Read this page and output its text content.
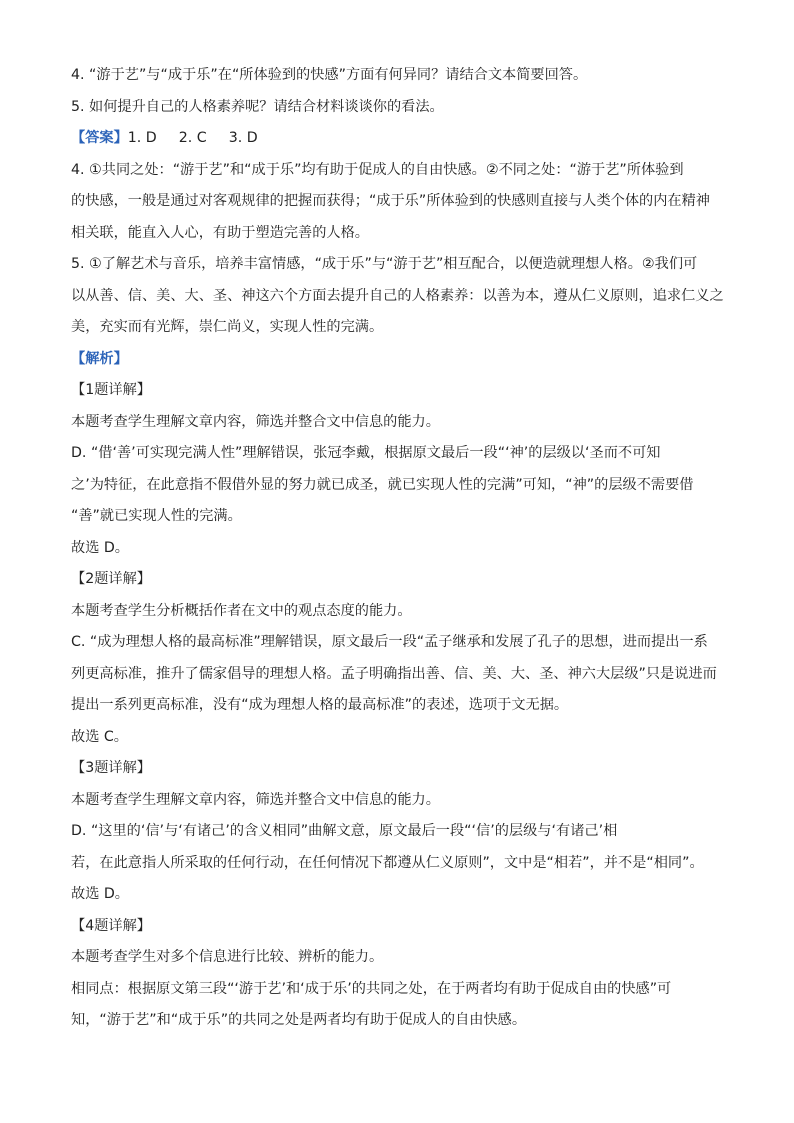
4. “游于艺”与“成于乐”在“所体验到的快感”方面有何异同？请结合文本简要回答。
5. 如何提升自己的人格素养呢？请结合材料谈谈你的看法。
【答案】1. D 2. C 3. D
4. ①共同之处：“游于艺”和“成于乐”均有助于促成人的自由快感。②不同之处：“游于艺”所体验到
的快感，一般是通过对客观规律的把握而获得；“成于乐”所体验到的快感则直接与人类个体的内在精神
相关联，能直入人心，有助于塑造完善的人格。
5. ①了解艺术与音乐，培养丰富情感，“成于乐”与“游于艺”相互配合，以便造就理想人格。②我们可
以从善、信、美、大、圣、神这六个方面去提升自己的人格素养：以善为本，遵从仁义原则，追求仁义之
美，充实而有光辉，崇仁尚义，实现人性的完满。
【解析】
【1题详解】
本题考查学生理解文章内容，筛选并整合文中信息的能力。
D. “借‘善’可实现完满人性”理解错误，张冠李戴，根据原文最后一段“‘神’的层级以‘圣而不可知
之’为特征，在此意指不假借外显的努力就已成圣，就已实现人性的完满”可知，“神”的层级不需要借
“善”就已实现人性的完满。
故选 D。
【2题详解】
本题考查学生分析概括作者在文中的观点态度的能力。
C. “成为理想人格的最高标准”理解错误，原文最后一段“孟子继承和发展了孔子的思想，进而提出一系
列更高标准，推升了儒家倡导的理想人格。孟子明确指出善、信、美、大、圣、神六大层级”只是说进而
提出一系列更高标准，没有“成为理想人格的最高标准”的表述，选项于文无据。
故选 C。
【3题详解】
本题考查学生理解文章内容，筛选并整合文中信息的能力。
D. “这里的‘信’与‘有诸己’的含义相同”曲解文意，原文最后一段“‘信’的层级与‘有诸己’相
若，在此意指人所采取的任何行动，在任何情况下都遵从仁义原则”，文中是“相若”，并不是“相同”。
故选 D。
【4题详解】
本题考查学生对多个信息进行比较、辨析的能力。
相同点：根据原文第三段“‘游于艺’和‘成于乐’的共同之处，在于两者均有助于促成自由的快感”可
知，“游于艺”和“成于乐”的共同之处是两者均有助于促成人的自由快感。
